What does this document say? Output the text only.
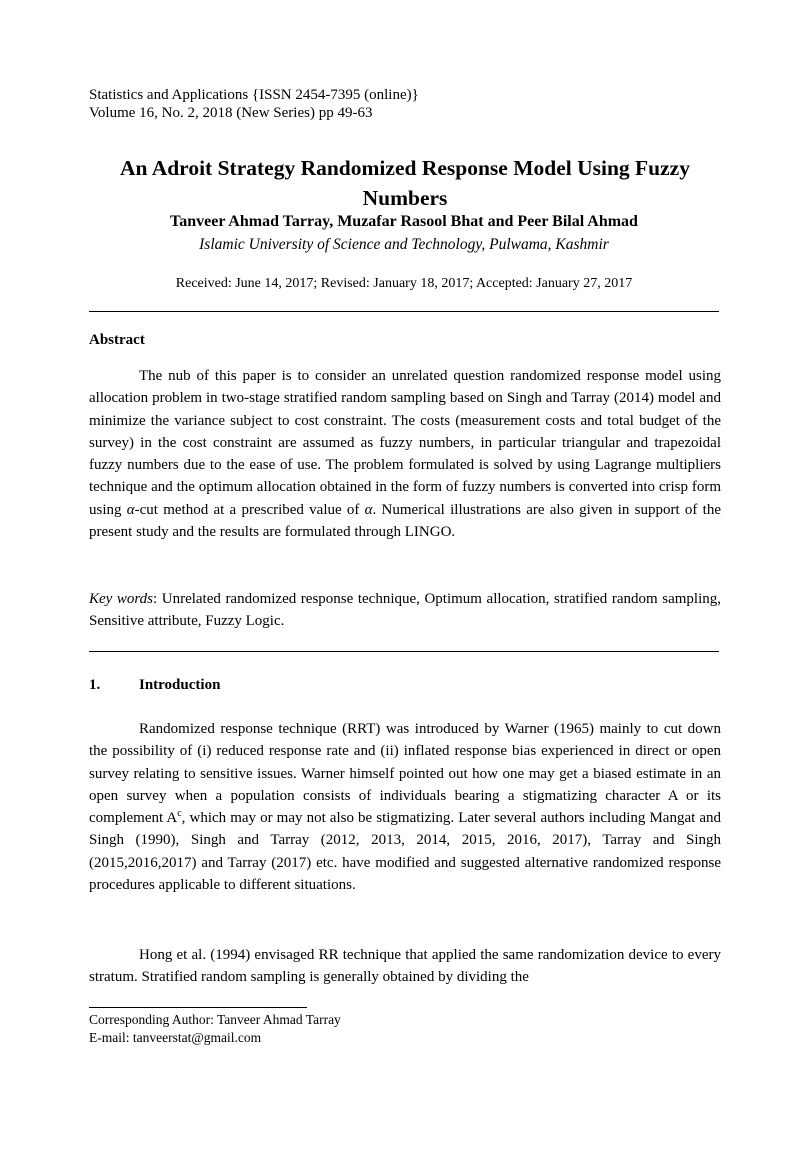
Statistics and Applications {ISSN 2454-7395 (online)}
Volume 16, No. 2, 2018 (New Series) pp 49-63
An Adroit Strategy Randomized Response Model Using Fuzzy Numbers
Tanveer Ahmad Tarray, Muzafar Rasool Bhat and Peer Bilal Ahmad
Islamic University of Science and Technology, Pulwama, Kashmir
Received: June 14, 2017; Revised: January 18, 2017; Accepted: January 27, 2017
Abstract
The nub of this paper is to consider an unrelated question randomized response model using allocation problem in two-stage stratified random sampling based on Singh and Tarray (2014) model and minimize the variance subject to cost constraint. The costs (measurement costs and total budget of the survey) in the cost constraint are assumed as fuzzy numbers, in particular triangular and trapezoidal fuzzy numbers due to the ease of use. The problem formulated is solved by using Lagrange multipliers technique and the optimum allocation obtained in the form of fuzzy numbers is converted into crisp form using α-cut method at a prescribed value of α. Numerical illustrations are also given in support of the present study and the results are formulated through LINGO.
Key words: Unrelated randomized response technique, Optimum allocation, stratified random sampling, Sensitive attribute, Fuzzy Logic.
1.	Introduction
Randomized response technique (RRT) was introduced by Warner (1965) mainly to cut down the possibility of (i) reduced response rate and (ii) inflated response bias experienced in direct or open survey relating to sensitive issues. Warner himself pointed out how one may get a biased estimate in an open survey when a population consists of individuals bearing a stigmatizing character A or its complement $A^c$, which may or may not also be stigmatizing. Later several authors including Mangat and Singh (1990), Singh and Tarray (2012, 2013, 2014, 2015, 2016, 2017), Tarray and Singh (2015,2016,2017) and Tarray (2017) etc. have modified and suggested alternative randomized response procedures applicable to different situations.
Hong et al. (1994) envisaged RR technique that applied the same randomization device to every stratum. Stratified random sampling is generally obtained by dividing the
Corresponding Author: Tanveer Ahmad Tarray
E-mail: tanveerstat@gmail.com
